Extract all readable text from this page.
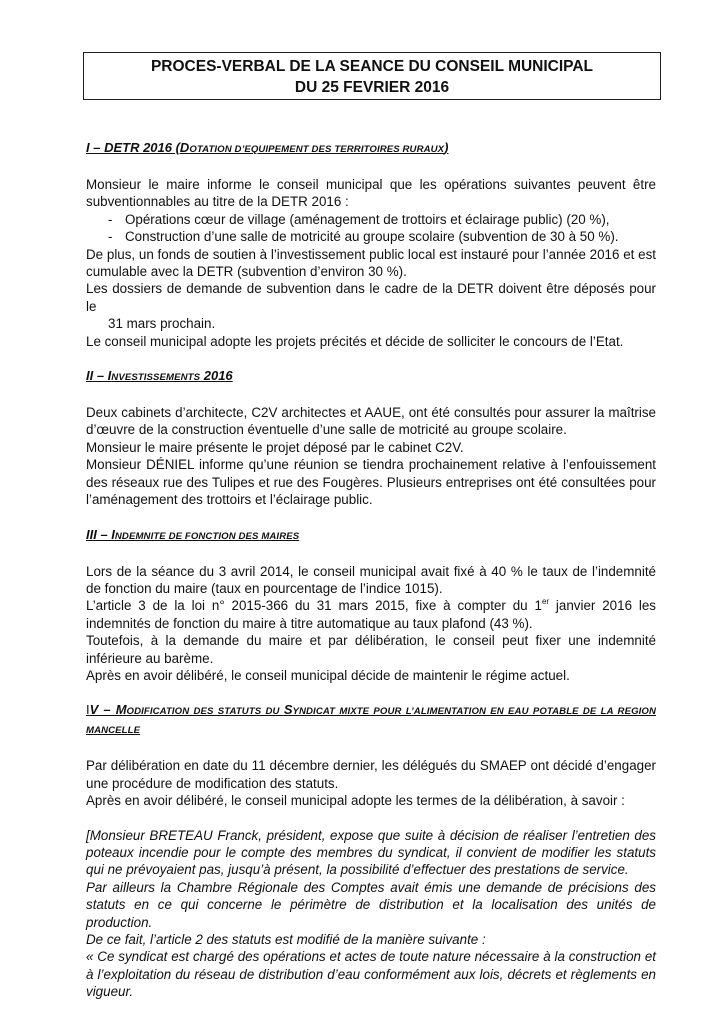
PROCES-VERBAL DE LA SEANCE DU CONSEIL MUNICIPAL
DU 25 FEVRIER 2016

I – DETR 2016 (DOTATION D’EQUIPEMENT DES TERRITOIRES RURAUX)

Monsieur le maire informe le conseil municipal que les opérations suivantes peuvent être subventionnables au titre de la DETR 2016 :

- Opérations cœur de village (aménagement de trottoirs et éclairage public) (20 %),
- Construction d’une salle de motricité au groupe scolaire (subvention de 30 à 50 %).

De plus, un fonds de soutien à l’investissement public local est instauré pour l’année 2016 et est cumulable avec la DETR (subvention d’environ 30 %).

Les dossiers de demande de subvention dans le cadre de la DETR doivent être déposés pour le

31 mars prochain.

Le conseil municipal adopte les projets précités et décide de solliciter le concours de l’Etat.

II – INVESTISSEMENTS 2016

Deux cabinets d’architecte, C2V architectes et AAUE, ont été consultés pour assurer la maîtrise d’œuvre de la construction éventuelle d’une salle de motricité au groupe scolaire.

Monsieur le maire présente le projet déposé par le cabinet C2V.

Monsieur DÉNIEL informe qu’une réunion se tiendra prochainement relative à l’enfouissement des réseaux rue des Tulipes et rue des Fougères. Plusieurs entreprises ont été consultées pour l’aménagement des trottoirs et l’éclairage public.

III – INDEMNITE DE FONCTION DES MAIRES

Lors de la séance du 3 avril 2014, le conseil municipal avait fixé à 40 % le taux de l’indemnité de fonction du maire (taux en pourcentage de l’indice 1015).

L’article 3 de la loi n° 2015-366 du 31 mars 2015, fixe à compter du 1er janvier 2016 les indemnités de fonction du maire à titre automatique au taux plafond (43 %).

Toutefois, à la demande du maire et par délibération, le conseil peut fixer une indemnité inférieure au barème.

Après en avoir délibéré, le conseil municipal décide de maintenir le régime actuel.

IV – MODIFICATION DES STATUTS DU SYNDICAT MIXTE POUR L’ALIMENTATION EN EAU POTABLE DE LA REGION MANCELLE

Par délibération en date du 11 décembre dernier, les délégués du SMAEP ont décidé d’engager une procédure de modification des statuts.

Après en avoir délibéré, le conseil municipal adopte les termes de la délibération, à savoir :

[Monsieur BRETEAU Franck, président, expose que suite à décision de réaliser l’entretien des poteaux incendie pour le compte des membres du syndicat, il convient de modifier les statuts qui ne prévoyaient pas, jusqu’à présent, la possibilité d’effectuer des prestations de service.

Par ailleurs la Chambre Régionale des Comptes avait émis une demande de précisions des statuts en ce qui concerne le périmètre de distribution et la localisation des unités de production.

De ce fait, l’article 2 des statuts est modifié de la manière suivante :

« Ce syndicat est chargé des opérations et actes de toute nature nécessaire à la construction et à l’exploitation du réseau de distribution d’eau conformément aux lois, décrets et règlements en vigueur.
